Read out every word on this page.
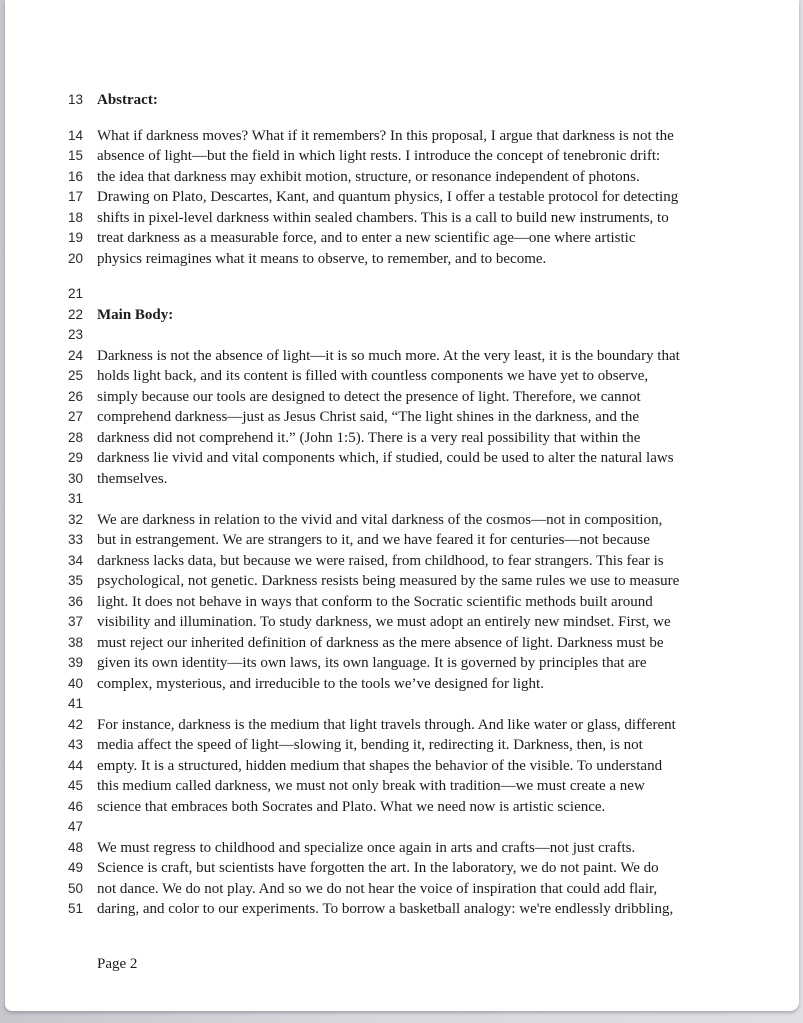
13 Abstract:
14 What if darkness moves? What if it remembers? In this proposal, I argue that darkness is not the
15 absence of light—but the field in which light rests. I introduce the concept of tenebronic drift:
16 the idea that darkness may exhibit motion, structure, or resonance independent of photons.
17 Drawing on Plato, Descartes, Kant, and quantum physics, I offer a testable protocol for detecting
18 shifts in pixel-level darkness within sealed chambers. This is a call to build new instruments, to
19 treat darkness as a measurable force, and to enter a new scientific age—one where artistic
20 physics reimagines what it means to observe, to remember, and to become.
21
22 Main Body:
23
24 Darkness is not the absence of light—it is so much more. At the very least, it is the boundary that
25 holds light back, and its content is filled with countless components we have yet to observe,
26 simply because our tools are designed to detect the presence of light. Therefore, we cannot
27 comprehend darkness—just as Jesus Christ said, “The light shines in the darkness, and the
28 darkness did not comprehend it.” (John 1:5). There is a very real possibility that within the
29 darkness lie vivid and vital components which, if studied, could be used to alter the natural laws
30 themselves.
31
32 We are darkness in relation to the vivid and vital darkness of the cosmos—not in composition,
33 but in estrangement. We are strangers to it, and we have feared it for centuries—not because
34 darkness lacks data, but because we were raised, from childhood, to fear strangers. This fear is
35 psychological, not genetic. Darkness resists being measured by the same rules we use to measure
36 light. It does not behave in ways that conform to the Socratic scientific methods built around
37 visibility and illumination. To study darkness, we must adopt an entirely new mindset. First, we
38 must reject our inherited definition of darkness as the mere absence of light. Darkness must be
39 given its own identity—its own laws, its own language. It is governed by principles that are
40 complex, mysterious, and irreducible to the tools we’ve designed for light.
41
42 For instance, darkness is the medium that light travels through. And like water or glass, different
43 media affect the speed of light—slowing it, bending it, redirecting it. Darkness, then, is not
44 empty. It is a structured, hidden medium that shapes the behavior of the visible. To understand
45 this medium called darkness, we must not only break with tradition—we must create a new
46 science that embraces both Socrates and Plato. What we need now is artistic science.
47
48 We must regress to childhood and specialize once again in arts and crafts—not just crafts.
49 Science is craft, but scientists have forgotten the art. In the laboratory, we do not paint. We do
50 not dance. We do not play. And so we do not hear the voice of inspiration that could add flair,
51 daring, and color to our experiments. To borrow a basketball analogy: we're endlessly dribbling,
Page 2
